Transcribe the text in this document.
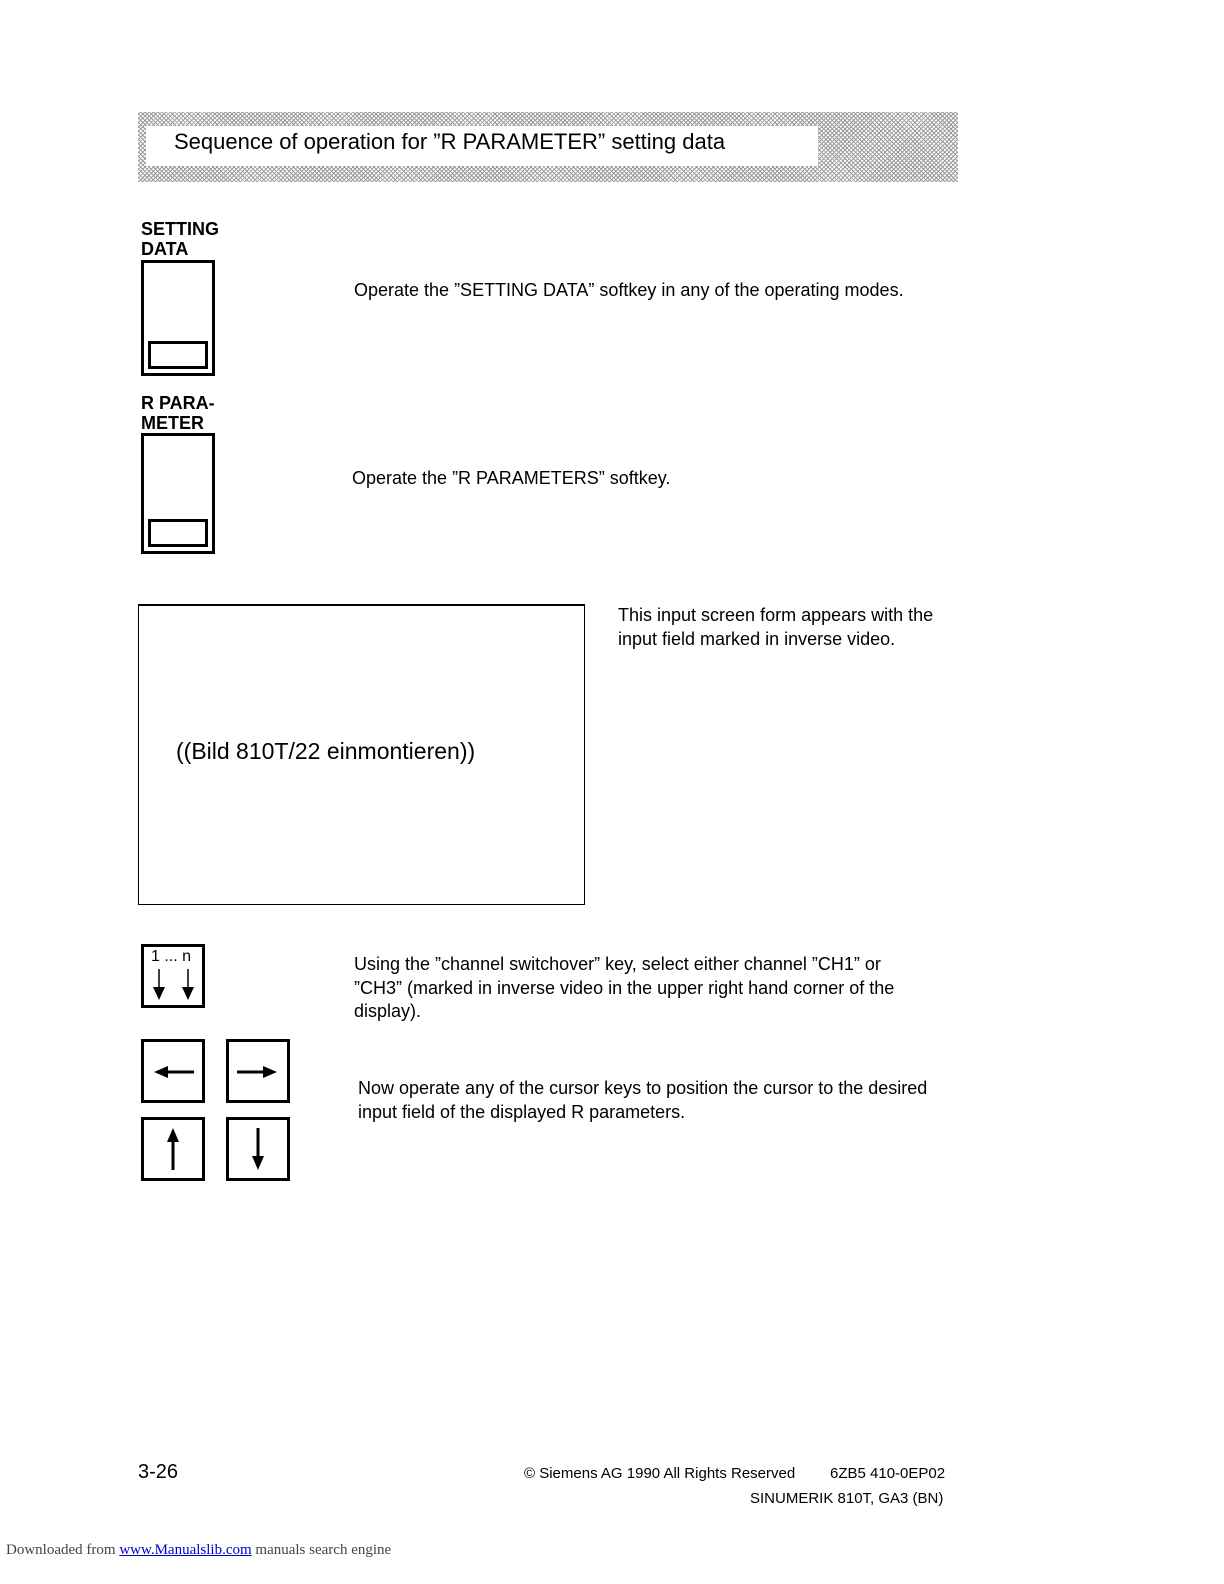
Sequence of operation for ”R PARAMETER” setting data
SETTING
DATA
Operate the ”SETTING DATA” softkey in any of the operating modes.
R PARA-
METER
Operate the ”R PARAMETERS” softkey.
((Bild 810T/22 einmontieren))
This input screen form appears with the input field marked in inverse video.
1 ... n	Using the ”channel switchover” key, select either channel ”CH1” or ”CH3” (marked in inverse video in the upper right hand corner of the display).
Now operate any of the cursor keys to position the cursor to the desired input field of the displayed R parameters.
3-26	© Siemens AG 1990 All Rights Reserved 6ZB5 410-0EP02
SINUMERIK 810T, GA3 (BN)
Downloaded from www.Manualslib.com manuals search engine
